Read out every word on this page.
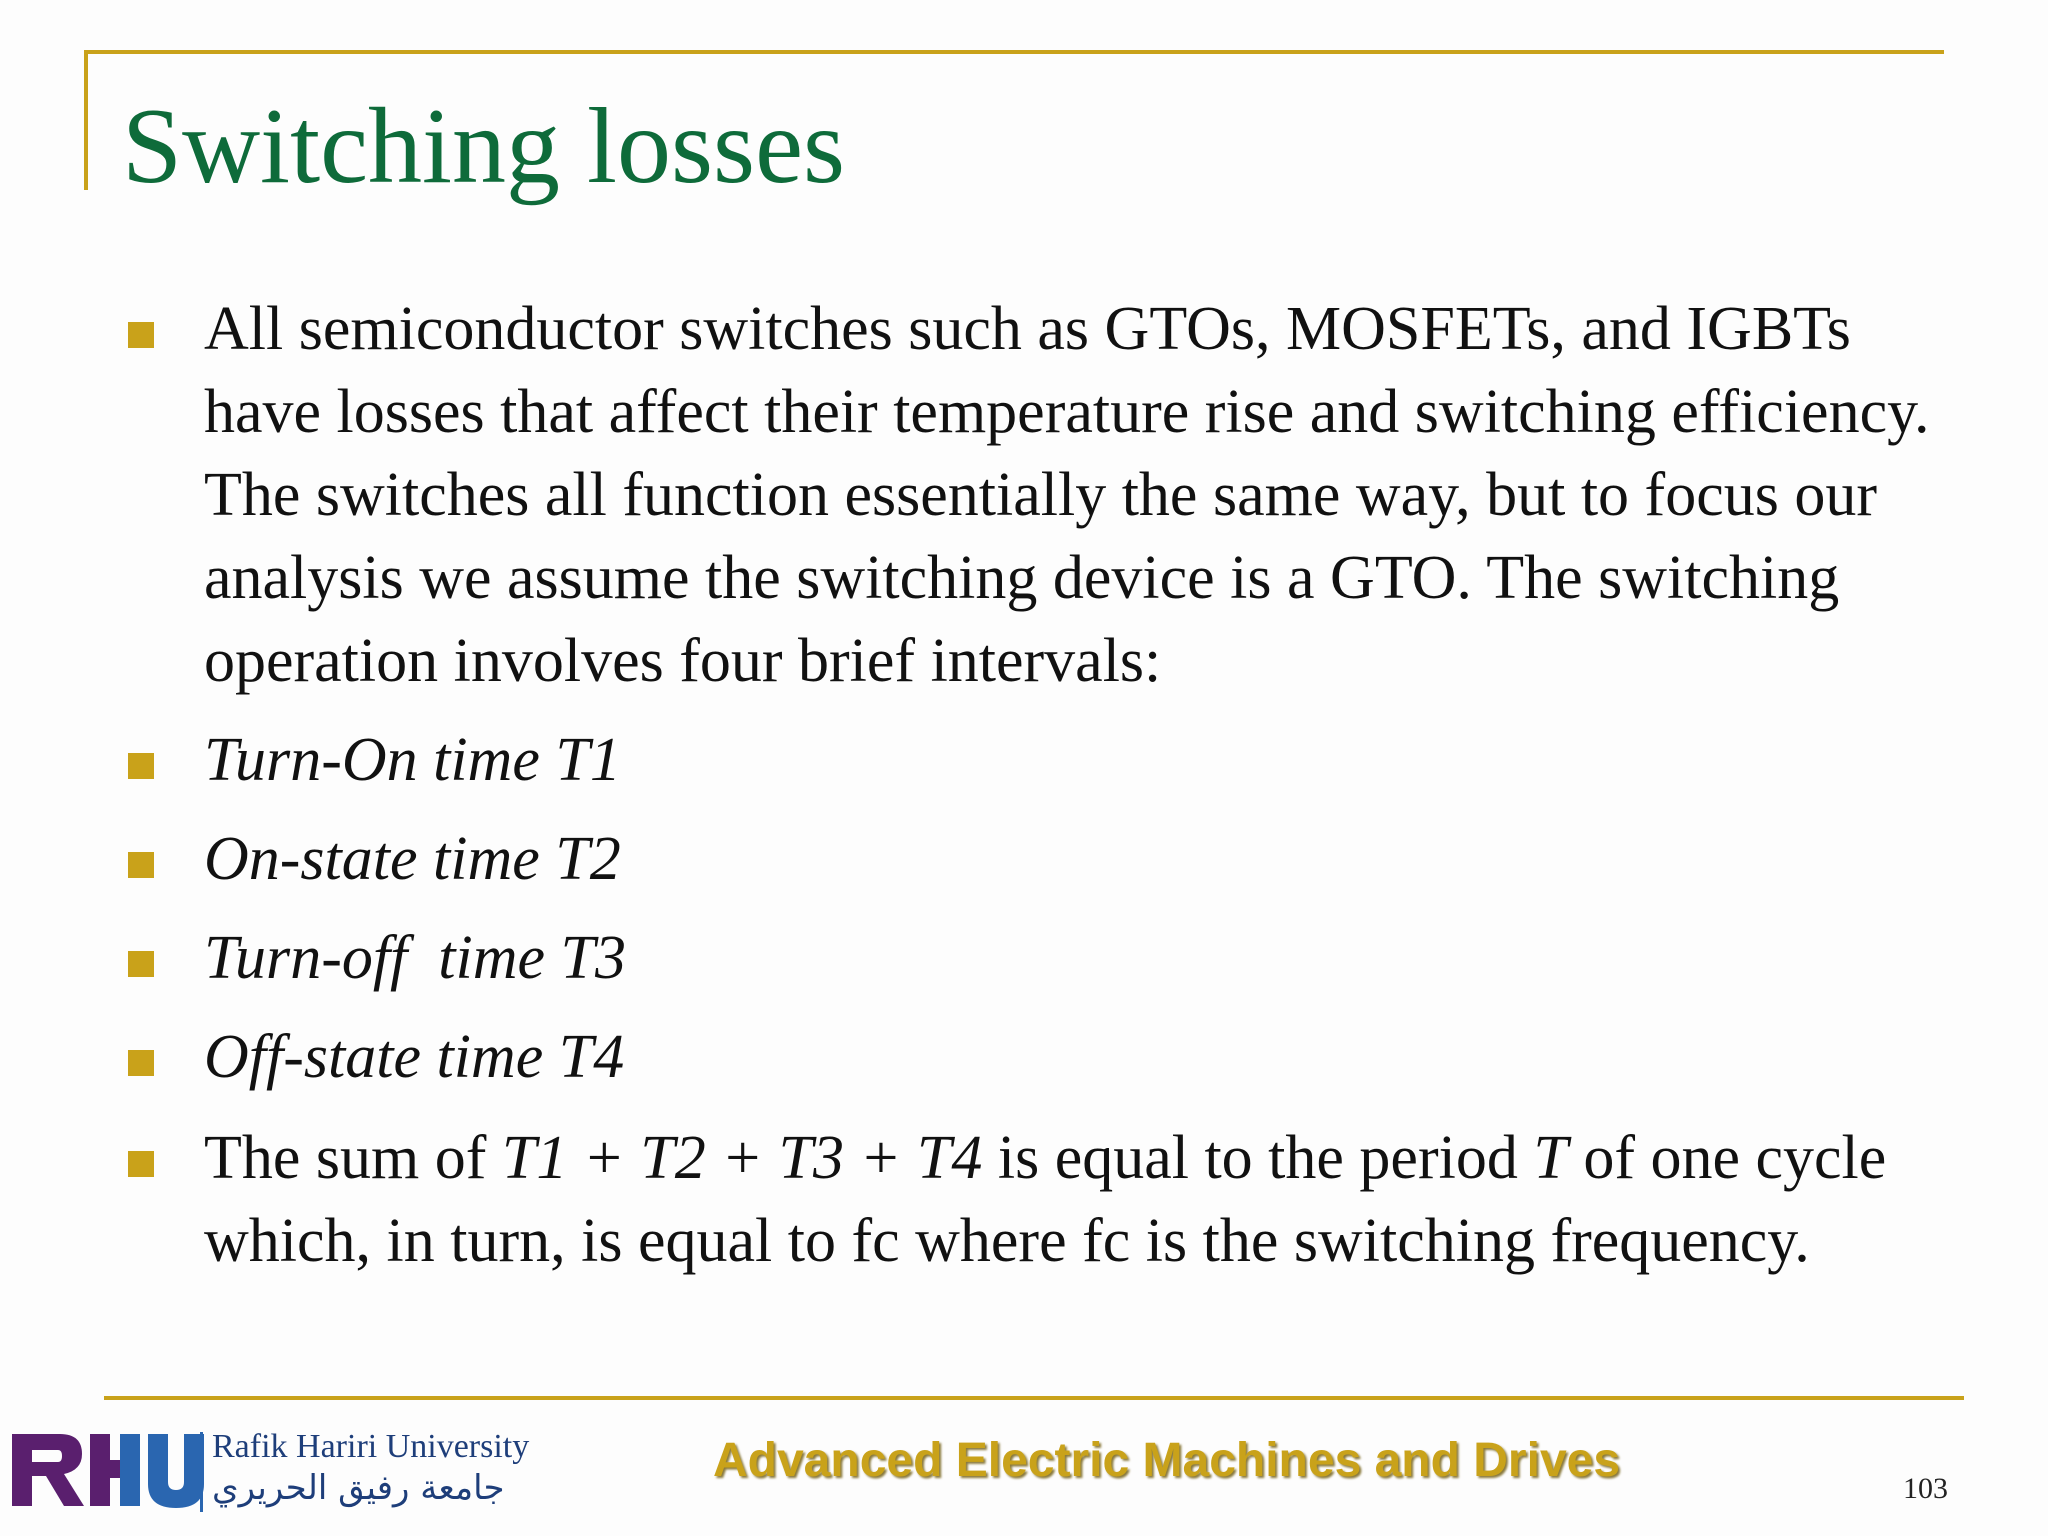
Switching losses
All semiconductor switches such as GTOs, MOSFETs, and IGBTs have losses that affect their temperature rise and switching efficiency. The switches all function essentially the same way, but to focus our analysis we assume the switching device is a GTO. The switching operation involves four brief intervals:
Turn-On time T1
On-state time T2
Turn-off  time T3
Off-state time T4
The sum of T1 + T2 + T3 + T4 is equal to the period T of one cycle which, in turn, is equal to fc where fc is the switching frequency.
Rafik Hariri University
جامعة رفيق الحريري
Advanced Electric Machines and Drives
103
